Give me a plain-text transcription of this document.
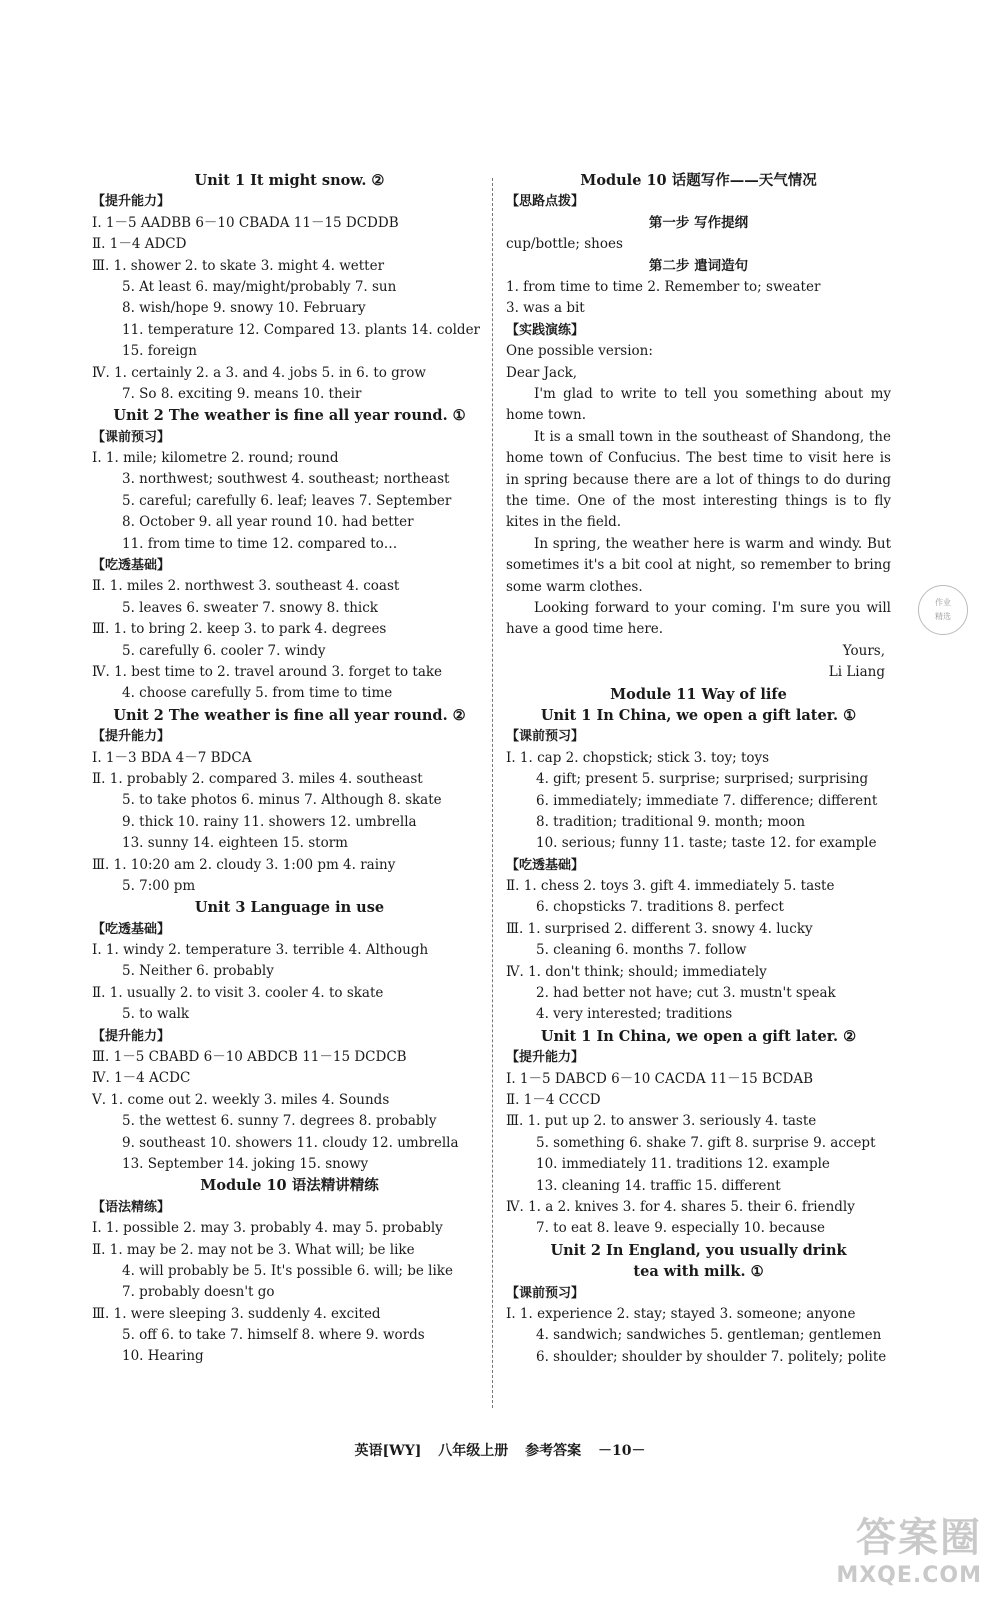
Unit 1 It might snow. ②
【提升能力】
Ⅰ. 1－5 AADBB 6－10 CBADA 11－15 DCDDB
Ⅱ. 1－4 ADCD
Ⅲ. 1. shower 2. to skate 3. might 4. wetter
5. At least 6. may/might/probably 7. sun
8. wish/hope 9. snowy 10. February
11. temperature 12. Compared 13. plants 14. colder
15. foreign
Ⅳ. 1. certainly 2. a 3. and 4. jobs 5. in 6. to grow
7. So 8. exciting 9. means 10. their
Unit 2 The weather is fine all year round. ①
【课前预习】
Ⅰ. 1. mile; kilometre 2. round; round
3. northwest; southwest 4. southeast; northeast
5. careful; carefully 6. leaf; leaves 7. September
8. October 9. all year round 10. had better
11. from time to time 12. compared to…
【吃透基础】
Ⅱ. 1. miles 2. northwest 3. southeast 4. coast
5. leaves 6. sweater 7. snowy 8. thick
Ⅲ. 1. to bring 2. keep 3. to park 4. degrees
5. carefully 6. cooler 7. windy
Ⅳ. 1. best time to 2. travel around 3. forget to take
4. choose carefully 5. from time to time
Unit 2 The weather is fine all year round. ②
【提升能力】
Ⅰ. 1－3 BDA 4－7 BDCA
Ⅱ. 1. probably 2. compared 3. miles 4. southeast
5. to take photos 6. minus 7. Although 8. skate
9. thick 10. rainy 11. showers 12. umbrella
13. sunny 14. eighteen 15. storm
Ⅲ. 1. 10:20 am 2. cloudy 3. 1:00 pm 4. rainy
5. 7:00 pm
Unit 3 Language in use
【吃透基础】
Ⅰ. 1. windy 2. temperature 3. terrible 4. Although
5. Neither 6. probably
Ⅱ. 1. usually 2. to visit 3. cooler 4. to skate
5. to walk
【提升能力】
Ⅲ. 1－5 CBABD 6－10 ABDCB 11－15 DCDCB
Ⅳ. 1－4 ACDC
Ⅴ. 1. come out 2. weekly 3. miles 4. Sounds
5. the wettest 6. sunny 7. degrees 8. probably
9. southeast 10. showers 11. cloudy 12. umbrella
13. September 14. joking 15. snowy
Module 10 语法精讲精练
【语法精练】
Ⅰ. 1. possible 2. may 3. probably 4. may 5. probably
Ⅱ. 1. may be 2. may not be 3. What will; be like
4. will probably be 5. It's possible 6. will; be like
7. probably doesn't go
Ⅲ. 1. were sleeping 3. suddenly 4. excited
5. off 6. to take 7. himself 8. where 9. words
10. Hearing
Module 10 话题写作——天气情况
【思路点拨】
第一步 写作提纲
cup/bottle; shoes
第二步 遣词造句
1. from time to time 2. Remember to; sweater
3. was a bit
【实践演练】
One possible version:
Dear Jack,
I'm glad to write to tell you something about my home town.
It is a small town in the southeast of Shandong, the home town of Confucius. The best time to visit here is in spring because there are a lot of things to do during the time. One of the most interesting things is to fly kites in the field.
In spring, the weather here is warm and windy. But sometimes it's a bit cool at night, so remember to bring some warm clothes.
Looking forward to your coming. I'm sure you will have a good time here.
Yours,
Li Liang
Module 11 Way of life
Unit 1 In China, we open a gift later. ①
【课前预习】
Ⅰ. 1. cap 2. chopstick; stick 3. toy; toys
4. gift; present 5. surprise; surprised; surprising
6. immediately; immediate 7. difference; different
8. tradition; traditional 9. month; moon
10. serious; funny 11. taste; taste 12. for example
【吃透基础】
Ⅱ. 1. chess 2. toys 3. gift 4. immediately 5. taste
6. chopsticks 7. traditions 8. perfect
Ⅲ. 1. surprised 2. different 3. snowy 4. lucky
5. cleaning 6. months 7. follow
Ⅳ. 1. don't think; should; immediately
2. had better not have; cut 3. mustn't speak
4. very interested; traditions
Unit 1 In China, we open a gift later. ②
【提升能力】
Ⅰ. 1－5 DABCD 6－10 CACDA 11－15 BCDAB
Ⅱ. 1－4 CCCD
Ⅲ. 1. put up 2. to answer 3. seriously 4. taste
5. something 6. shake 7. gift 8. surprise 9. accept
10. immediately 11. traditions 12. example
13. cleaning 14. traffic 15. different
Ⅳ. 1. a 2. knives 3. for 4. shares 5. their 6. friendly
7. to eat 8. leave 9. especially 10. because
Unit 2 In England, you usually drink
tea with milk. ①
【课前预习】
Ⅰ. 1. experience 2. stay; stayed 3. someone; anyone
4. sandwich; sandwiches 5. gentleman; gentlemen
6. shoulder; shoulder by shoulder 7. politely; polite
作业
精选
英语[WY] 八年级上册 参考答案 －10－
答案圈
MXQE.COM
